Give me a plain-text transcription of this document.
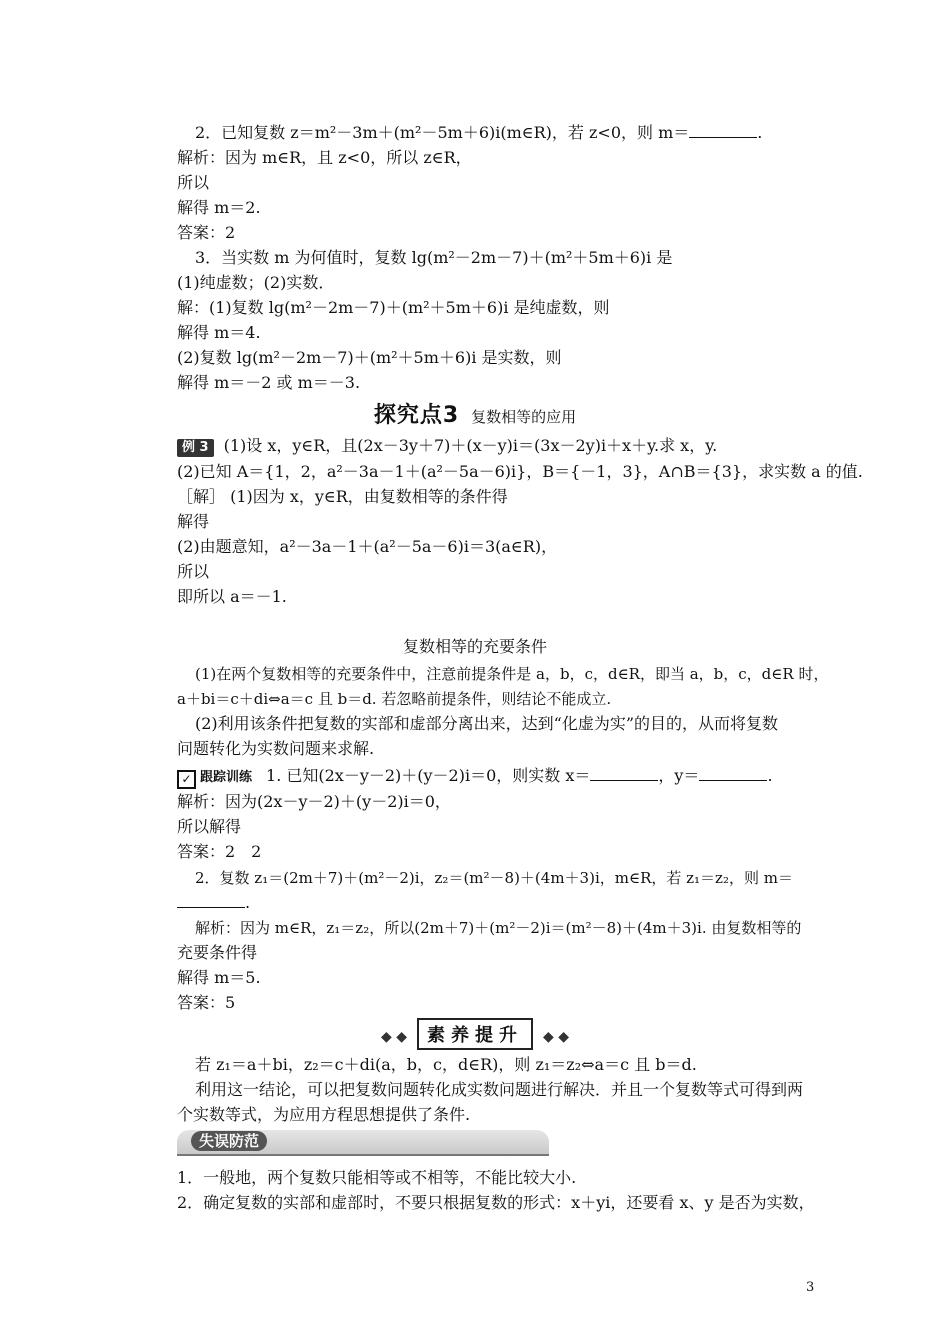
2．已知复数 z＝m²－3m＋(m²－5m＋6)i(m∈R)，若 z<0，则 m＝	.
解析：因为 m∈R，且 z<0，所以 z∈R，
所以
解得 m＝2.
答案：2
3．当实数 m 为何值时，复数 lg(m²－2m－7)＋(m²＋5m＋6)i 是
(1)纯虚数；(2)实数．
解：(1)复数 lg(m²－2m－7)＋(m²＋5m＋6)i 是纯虚数，则
解得 m＝4.
(2)复数 lg(m²－2m－7)＋(m²＋5m＋6)i 是实数，则
解得 m＝－2 或 m＝－3.
探究点3 复数相等的应用
例 3 (1)设 x，y∈R，且(2x－3y＋7)＋(x－y)i＝(3x－2y)i＋x＋y.求 x，y.
(2)已知 A＝{1，2，a²－3a－1＋(a²－5a－6)i}，B＝{－1，3}，A∩B＝{3}，求实数 a 的值.
［解］ (1)因为 x，y∈R，由复数相等的条件得
解得
(2)由题意知，a²－3a－1＋(a²－5a－6)i＝3(a∈R)，
所以
即所以 a＝－1.
复数相等的充要条件
(1)在两个复数相等的充要条件中，注意前提条件是 a，b，c，d∈R，即当 a，b，c，d∈R 时，
a＋bi＝c＋di⇔a＝c 且 b＝d. 若忽略前提条件，则结论不能成立.
(2)利用该条件把复数的实部和虚部分离出来，达到“化虚为实”的目的，从而将复数
问题转化为实数问题来求解.
✓ 跟踪训练 1. 已知(2x－y－2)＋(y－2)i＝0，则实数 x＝	，y＝	.
解析：因为(2x－y－2)＋(y－2)i＝0，
所以解得
答案：2　2
2．复数 z₁＝(2m＋7)＋(m²－2)i，z₂＝(m²－8)＋(4m＋3)i，m∈R，若 z₁＝z₂，则 m＝
.
解析：因为 m∈R，z₁＝z₂，所以(2m＋7)＋(m²－2)i＝(m²－8)＋(4m＋3)i. 由复数相等的
充要条件得
解得 m＝5.
答案：5
◆ ◆ 素养提升 ◆ ◆
若 z₁＝a＋bi，z₂＝c＋di(a，b，c，d∈R)，则 z₁＝z₂⇔a＝c 且 b＝d.
利用这一结论，可以把复数问题转化成实数问题进行解决．并且一个复数等式可得到两
个实数等式，为应用方程思想提供了条件.
失误防范
1．一般地，两个复数只能相等或不相等，不能比较大小.
2．确定复数的实部和虚部时，不要只根据复数的形式：x＋yi，还要看 x、y 是否为实数，
3
